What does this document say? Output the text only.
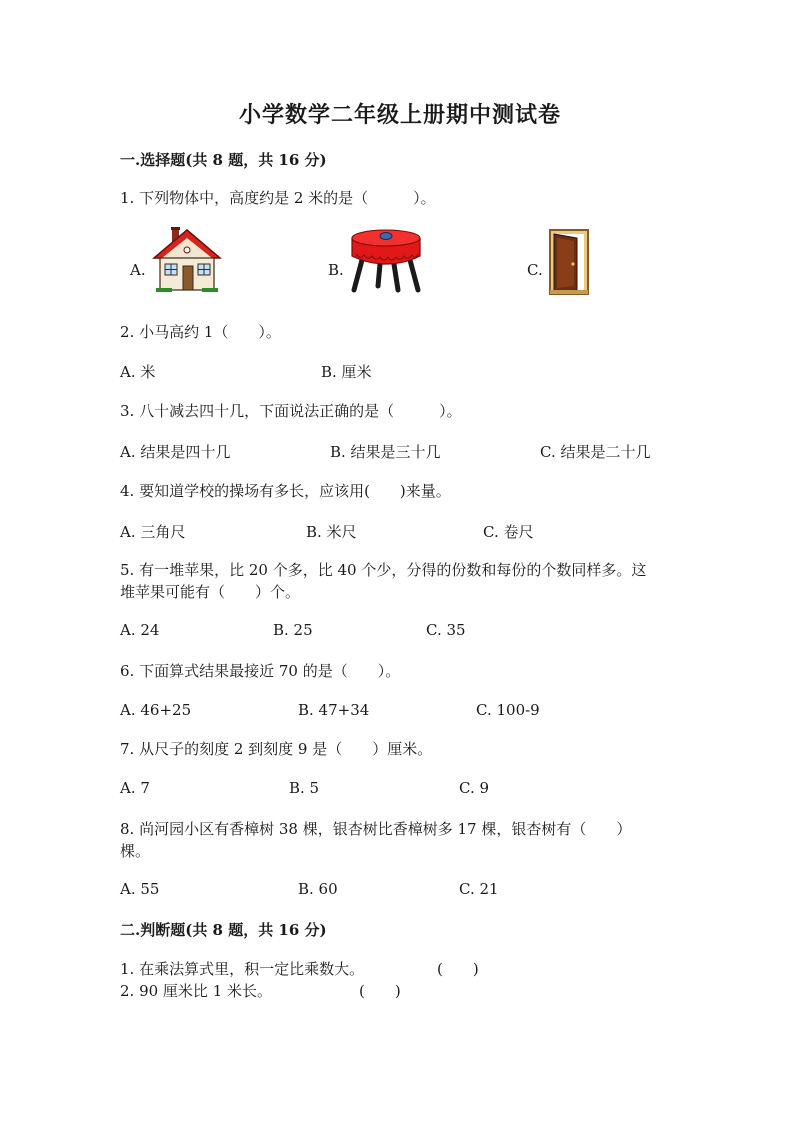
小学数学二年级上册期中测试卷
一.选择题(共 8 题，共 16 分)
1. 下列物体中，高度约是 2 米的是（　　　）。
A.	B.	C.
2. 小马高约 1（　　）。
A. 米	B. 厘米
3. 八十减去四十几，下面说法正确的是（　　　）。
A. 结果是四十几	B. 结果是三十几	C. 结果是二十几
4. 要知道学校的操场有多长，应该用(　　)来量。
A. 三角尺	B. 米尺	C. 卷尺
5. 有一堆苹果，比 20 个多，比 40 个少，分得的份数和每份的个数同样多。这
堆苹果可能有（　　）个。
A. 24	B. 25	C. 35
6. 下面算式结果最接近 70 的是（　　）。
A. 46+25	B. 47+34	C. 100-9
7. 从尺子的刻度 2 到刻度 9 是（　　）厘米。
A. 7	B. 5	C. 9
8. 尚河园小区有香樟树 38 棵，银杏树比香樟树多 17 棵，银杏树有（　　）
棵。
A. 55	B. 60	C. 21
二.判断题(共 8 题，共 16 分)
1. 在乘法算式里，积一定比乘数大。	(　　)
2. 90 厘米比 1 米长。	(　　)
